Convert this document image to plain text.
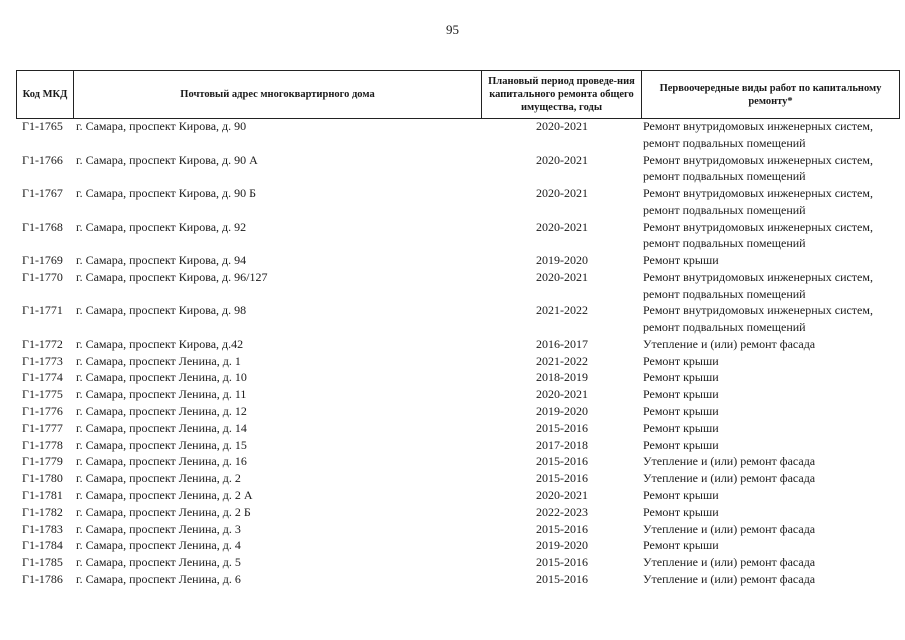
95
Код МКД	Почтовый адрес многоквартирного дома
Плановый период проведе-ния капитального ремонта общего имущества, годы
Первоочередные виды работ по капитальному ремонту*
Г1-1765 г. Самара, проспект Кирова, д. 90	2020-2021	Ремонт внутридомовых инженерных систем, ремонт подвальных помещений
Г1-1766 г. Самара, проспект Кирова, д. 90 А	2020-2021	Ремонт внутридомовых инженерных систем, ремонт подвальных помещений
Г1-1767 г. Самара, проспект Кирова, д. 90 Б	2020-2021	Ремонт внутридомовых инженерных систем, ремонт подвальных помещений
Г1-1768 г. Самара, проспект Кирова, д. 92	2020-2021	Ремонт внутридомовых инженерных систем, ремонт подвальных помещений
Г1-1769 г. Самара, проспект Кирова, д. 94	2019-2020	Ремонт крыши
Г1-1770 г. Самара, проспект Кирова, д. 96/127	2020-2021	Ремонт внутридомовых инженерных систем, ремонт подвальных помещений
Г1-1771 г. Самара, проспект Кирова, д. 98	2021-2022	Ремонт внутридомовых инженерных систем, ремонт подвальных помещений
Г1-1772 г. Самара, проспект Кирова, д.42	2016-2017	Утепление и (или) ремонт фасада
Г1-1773 г. Самара, проспект Ленина, д. 1	2021-2022	Ремонт крыши
Г1-1774 г. Самара, проспект Ленина, д. 10	2018-2019	Ремонт крыши
Г1-1775 г. Самара, проспект Ленина, д. 11	2020-2021	Ремонт крыши
Г1-1776 г. Самара, проспект Ленина, д. 12	2019-2020	Ремонт крыши
Г1-1777 г. Самара, проспект Ленина, д. 14	2015-2016	Ремонт крыши
Г1-1778 г. Самара, проспект Ленина, д. 15	2017-2018	Ремонт крыши
Г1-1779 г. Самара, проспект Ленина, д. 16	2015-2016	Утепление и (или) ремонт фасада
Г1-1780 г. Самара, проспект Ленина, д. 2	2015-2016	Утепление и (или) ремонт фасада
Г1-1781 г. Самара, проспект Ленина, д. 2 А	2020-2021	Ремонт крыши
Г1-1782 г. Самара, проспект Ленина, д. 2 Б	2022-2023	Ремонт крыши
Г1-1783 г. Самара, проспект Ленина, д. 3	2015-2016	Утепление и (или) ремонт фасада
Г1-1784 г. Самара, проспект Ленина, д. 4	2019-2020	Ремонт крыши
Г1-1785 г. Самара, проспект Ленина, д. 5	2015-2016	Утепление и (или) ремонт фасада
Г1-1786 г. Самара, проспект Ленина, д. 6	2015-2016	Утепление и (или) ремонт фасада
